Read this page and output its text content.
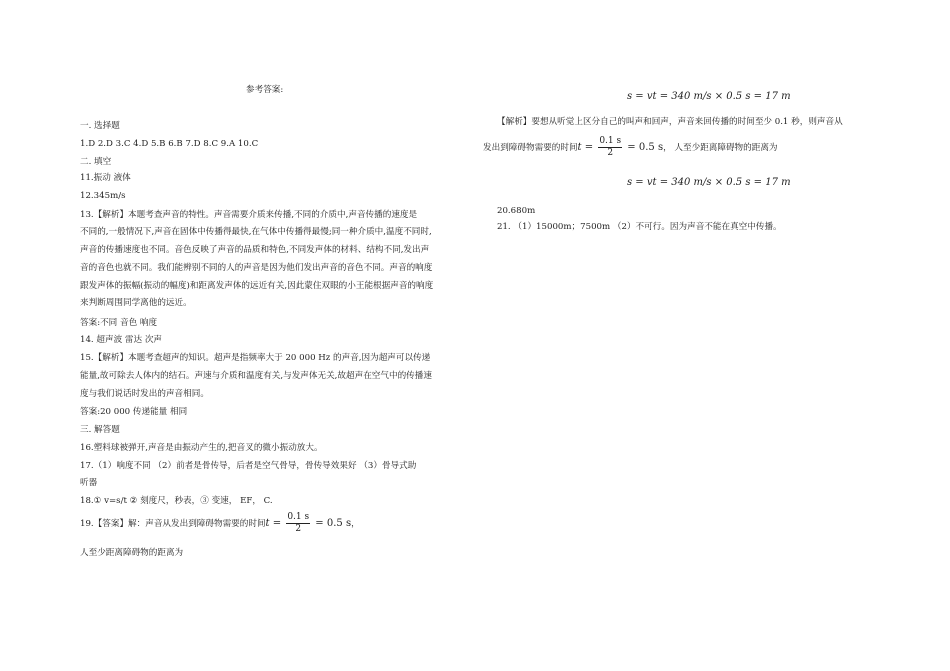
参考答案:
一. 选择题
1.D 2.D 3.C 4.D 5.B 6.B 7.D 8.C 9.A 10.C
二. 填空
11.振动 液体
12.345m/s
13.【解析】本题考查声音的特性。声音需要介质来传播,不同的介质中,声音传播的速度是
不同的,一般情况下,声音在固体中传播得最快,在气体中传播得最慢;同一种介质中,温度不同时,
声音的传播速度也不同。音色反映了声音的品质和特色,不同发声体的材料、结构不同,发出声
音的音色也就不同。我们能辨别不同的人的声音是因为他们发出声音的音色不同。声音的响度
跟发声体的振幅(振动的幅度)和距离发声体的远近有关,因此蒙住双眼的小王能根据声音的响度
来判断周围同学离他的远近。
答案:不同 音色 响度
14. 超声波 雷达 次声
15.【解析】本题考查超声的知识。超声是指频率大于 20 000 Hz 的声音,因为超声可以传递
能量,故可除去人体内的结石。声速与介质和温度有关,与发声体无关,故超声在空气中的传播速
度与我们说话时发出的声音相同。
答案:20 000 传递能量 相同
三. 解答题
16.塑料球被弹开,声音是由振动产生的,把音叉的微小振动放大。
17.（1）响度不同 （2）前者是骨传导，后者是空气骨导，骨传导效果好 （3）骨导式助
听器
18.① v=s/t ② 刻度尺，秒表，③ 变速， EF， C.
19.【答案】解：声音从发出到障碍物需要的时间$t = \frac{0.1 s}{2} = 0.5$ s，
人至少距离障碍物的距离为
s = vt = 340 m/s × 0.5 s = 17 m
【解析】要想从听觉上区分自己的叫声和回声，声音来回传播的时间至少 0.1 秒，则声音从
发出到障碍物需要的时间$t = \frac{0.1 s}{2} = 0.5$ s， 人至少距离障碍物的距离为
s = vt = 340 m/s × 0.5 s = 17 m
20.680m
21. （1）15000m；7500m （2）不可行。因为声音不能在真空中传播。
